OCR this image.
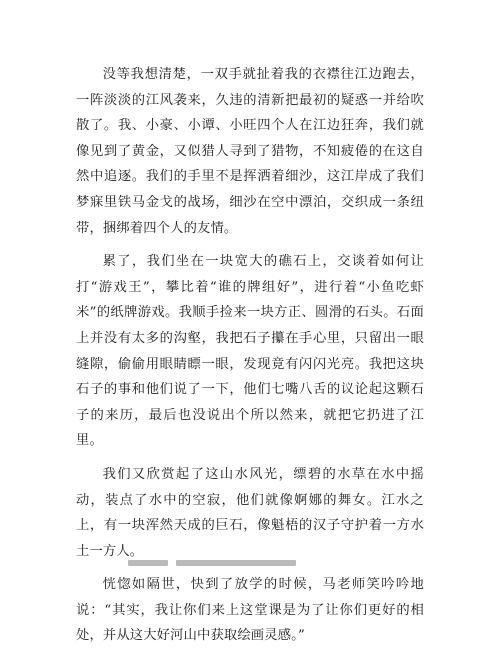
没等我想清楚，一双手就扯着我的衣襟往江边跑去，一阵淡淡的江风袭来，久违的清新把最初的疑惑一并给吹散了。我、小豪、小谭、小旺四个人在江边狂奔，我们就像见到了黄金，又似猎人寻到了猎物，不知疲倦的在这自然中追逐。我们的手里不是挥洒着细沙，这江岸成了我们梦寐里铁马金戈的战场，细沙在空中漂泊，交织成一条纽带，捆绑着四个人的友情。

累了，我们坐在一块宽大的礁石上，交谈着如何让打“游戏王”，攀比着“谁的牌组好”，进行着“小鱼吃虾米”的纸牌游戏。我顺手捡来一块方正、圆滑的石头。石面上并没有太多的沟壑，我把石子攥在手心里，只留出一眼缝隙，偷偷用眼睛瞟一眼，发现竟有闪闪光亮。我把这块石子的事和他们说了一下，他们七嘴八舌的议论起这颗石子的来历，最后也没说出个所以然来，就把它扔进了江里。

我们又欣赏起了这山水风光，缥碧的水草在水中摇动，装点了水中的空寂，他们就像婀娜的舞女。江水之上，有一块浑然天成的巨石，像魁梧的汉子守护着一方水土一方人。

恍惚如隔世，快到了放学的时候，马老师笑吟吟地说：“其实，我让你们来上这堂课是为了让你们更好的相处，并从这大好河山中获取绘画灵感。”
